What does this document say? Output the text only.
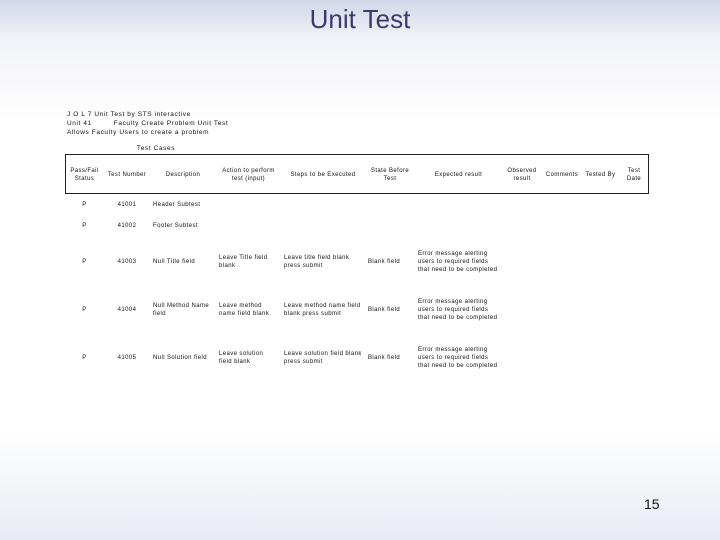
Unit Test
J O L 7 Unit Test by STS interactive
Unit 41	Faculty Create Problem Unit Test
Allows Faculty Users to create a problem
Test Cases
Pass/Fail Status	Test Number	Description	Action to perform test (input)	Steps to be Executed	State Before Test	Expected result	Observed result	Comments	Tested By	Test Date
P	41001	Header Subtest								
P	41002	Footer Subtest								
P	41003	Null Title field	Leave Title field blank	Leave title field blank press submit	Blank field	Error message alerting users to required fields that need to be completed				
P	41004	Null Method Name field	Leave method name field blank	Leave method name field blank press submit	Blank field	Error message alerting users to required fields that need to be completed				
P	41005	Null Solution field	Leave solution field blank	Leave solution field blank press submit	Blank field	Error message alerting users to required fields that need to be completed				
15
